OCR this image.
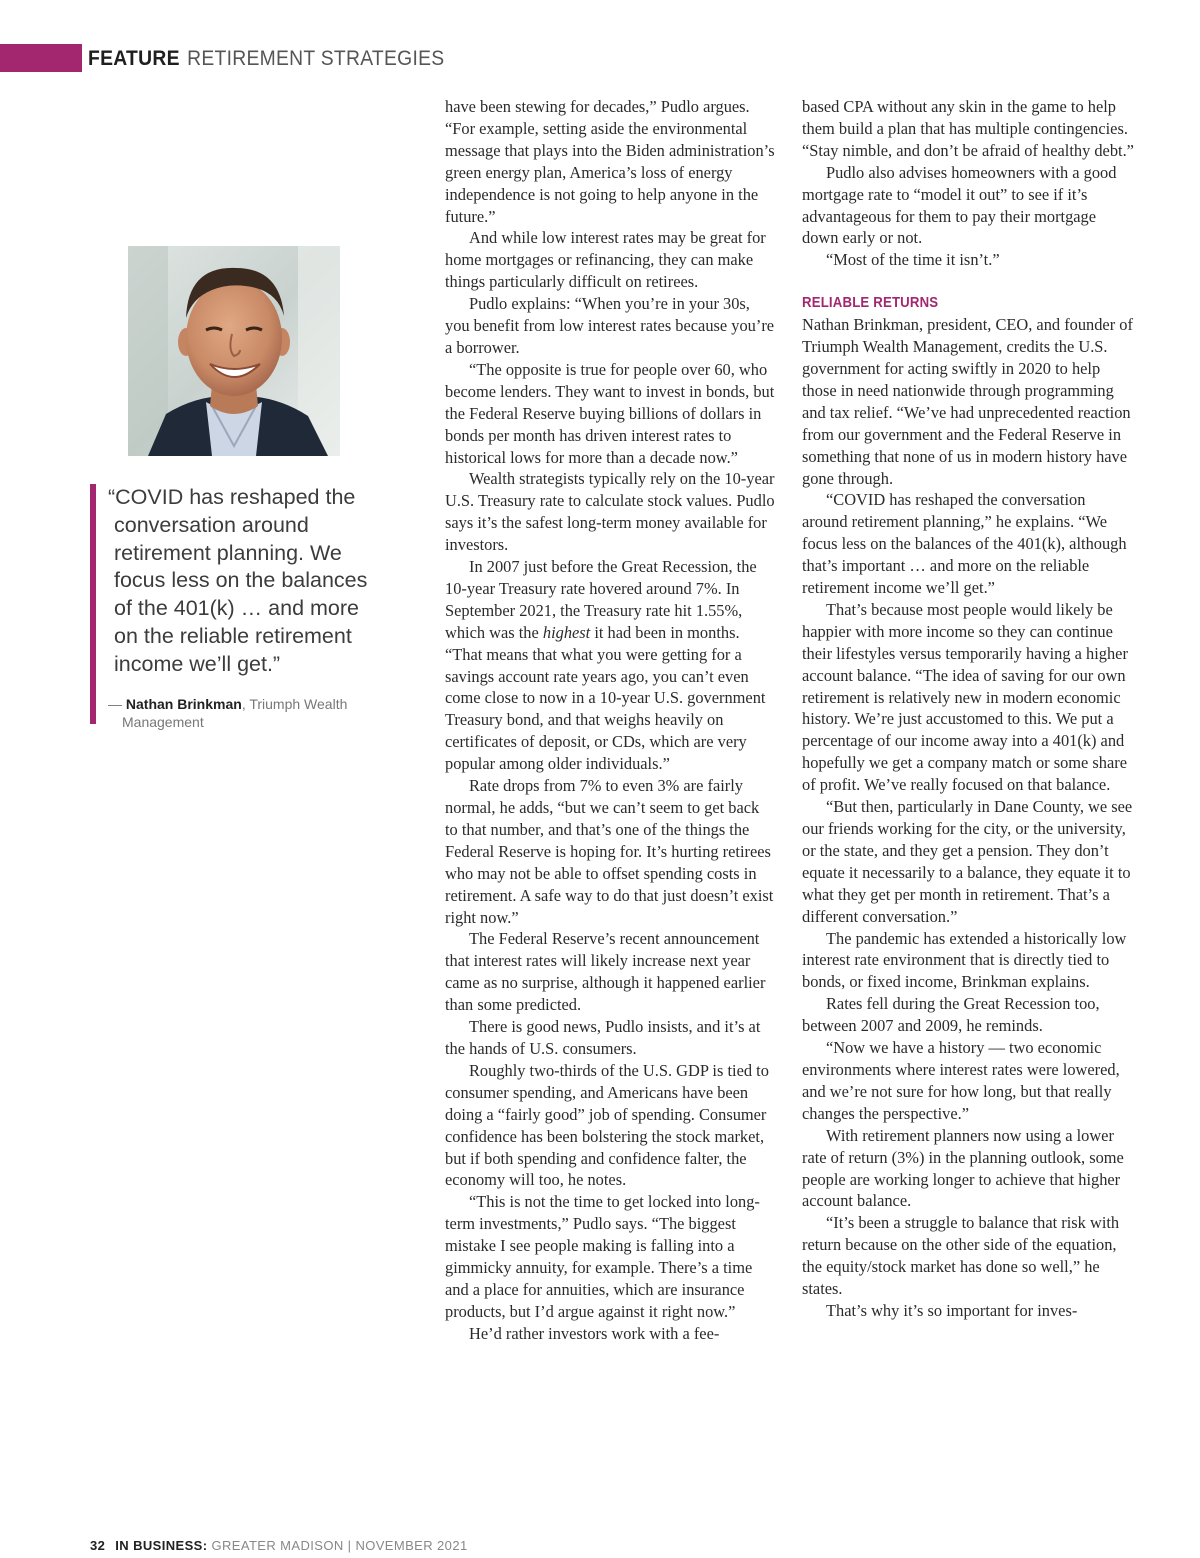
FEATURE RETIREMENT STRATEGIES

“COVID has reshaped the conversation around retirement planning. We focus less on the balances of the 401(k) … and more on the reliable retirement income we’ll get.”

— Nathan Brinkman, Triumph Wealth Management

have been stewing for decades,” Pudlo argues. “For example, setting aside the environmental message that plays into the Biden administration’s green energy plan, America’s loss of energy independence is not going to help anyone in the future.”

And while low interest rates may be great for home mortgages or refinancing, they can make things particularly difficult on retirees.

Pudlo explains: “When you’re in your 30s, you benefit from low interest rates because you’re a borrower.

“The opposite is true for people over 60, who become lenders. They want to invest in bonds, but the Federal Reserve buying billions of dollars in bonds per month has driven interest rates to historical lows for more than a decade now.”

Wealth strategists typically rely on the 10-year U.S. Treasury rate to calculate stock values. Pudlo says it’s the safest long-term money available for investors.

In 2007 just before the Great Recession, the 10-year Treasury rate hovered around 7%. In September 2021, the Treasury rate hit 1.55%, which was the highest it had been in months. “That means that what you were getting for a savings account rate years ago, you can’t even come close to now in a 10-year U.S. government Treasury bond, and that weighs heavily on certificates of deposit, or CDs, which are very popular among older individuals.”

Rate drops from 7% to even 3% are fairly normal, he adds, “but we can’t seem to get back to that number, and that’s one of the things the Federal Reserve is hoping for. It’s hurting retirees who may not be able to offset spending costs in retirement. A safe way to do that just doesn’t exist right now.”

The Federal Reserve’s recent announcement that interest rates will likely increase next year came as no surprise, although it happened earlier than some predicted.

There is good news, Pudlo insists, and it’s at the hands of U.S. consumers.

Roughly two-thirds of the U.S. GDP is tied to consumer spending, and Americans have been doing a “fairly good” job of spending. Consumer confidence has been bolstering the stock market, but if both spending and confidence falter, the economy will too, he notes.

“This is not the time to get locked into long-term investments,” Pudlo says. “The biggest mistake I see people making is falling into a gimmicky annuity, for example. There’s a time and a place for annuities, which are insurance products, but I’d argue against it right now.”

He’d rather investors work with a fee-

based CPA without any skin in the game to help them build a plan that has multiple contingencies. “Stay nimble, and don’t be afraid of healthy debt.”

Pudlo also advises homeowners with a good mortgage rate to “model it out” to see if it’s advantageous for them to pay their mortgage down early or not.

“Most of the time it isn’t.”

RELIABLE RETURNS

Nathan Brinkman, president, CEO, and founder of Triumph Wealth Management, credits the U.S. government for acting swiftly in 2020 to help those in need nationwide through programming and tax relief. “We’ve had unprecedented reaction from our government and the Federal Reserve in something that none of us in modern history have gone through.

“COVID has reshaped the conversation around retirement planning,” he explains. “We focus less on the balances of the 401(k), although that’s important … and more on the reliable retirement income we’ll get.”

That’s because most people would likely be happier with more income so they can continue their lifestyles versus temporarily having a higher account balance. “The idea of saving for our own retirement is relatively new in modern economic history. We’re just accustomed to this. We put a percentage of our income away into a 401(k) and hopefully we get a company match or some share of profit. We’ve really focused on that balance.

“But then, particularly in Dane County, we see our friends working for the city, or the university, or the state, and they get a pension. They don’t equate it necessarily to a balance, they equate it to what they get per month in retirement. That’s a different conversation.”

The pandemic has extended a historically low interest rate environment that is directly tied to bonds, or fixed income, Brinkman explains.

Rates fell during the Great Recession too, between 2007 and 2009, he reminds.

“Now we have a history — two economic environments where interest rates were lowered, and we’re not sure for how long, but that really changes the perspective.”

With retirement planners now using a lower rate of return (3%) in the planning outlook, some people are working longer to achieve that higher account balance.

“It’s been a struggle to balance that risk with return because on the other side of the equation, the equity/stock market has done so well,” he states.

That’s why it’s so important for inves-

32 IN BUSINESS: GREATER MADISON | NOVEMBER 2021
